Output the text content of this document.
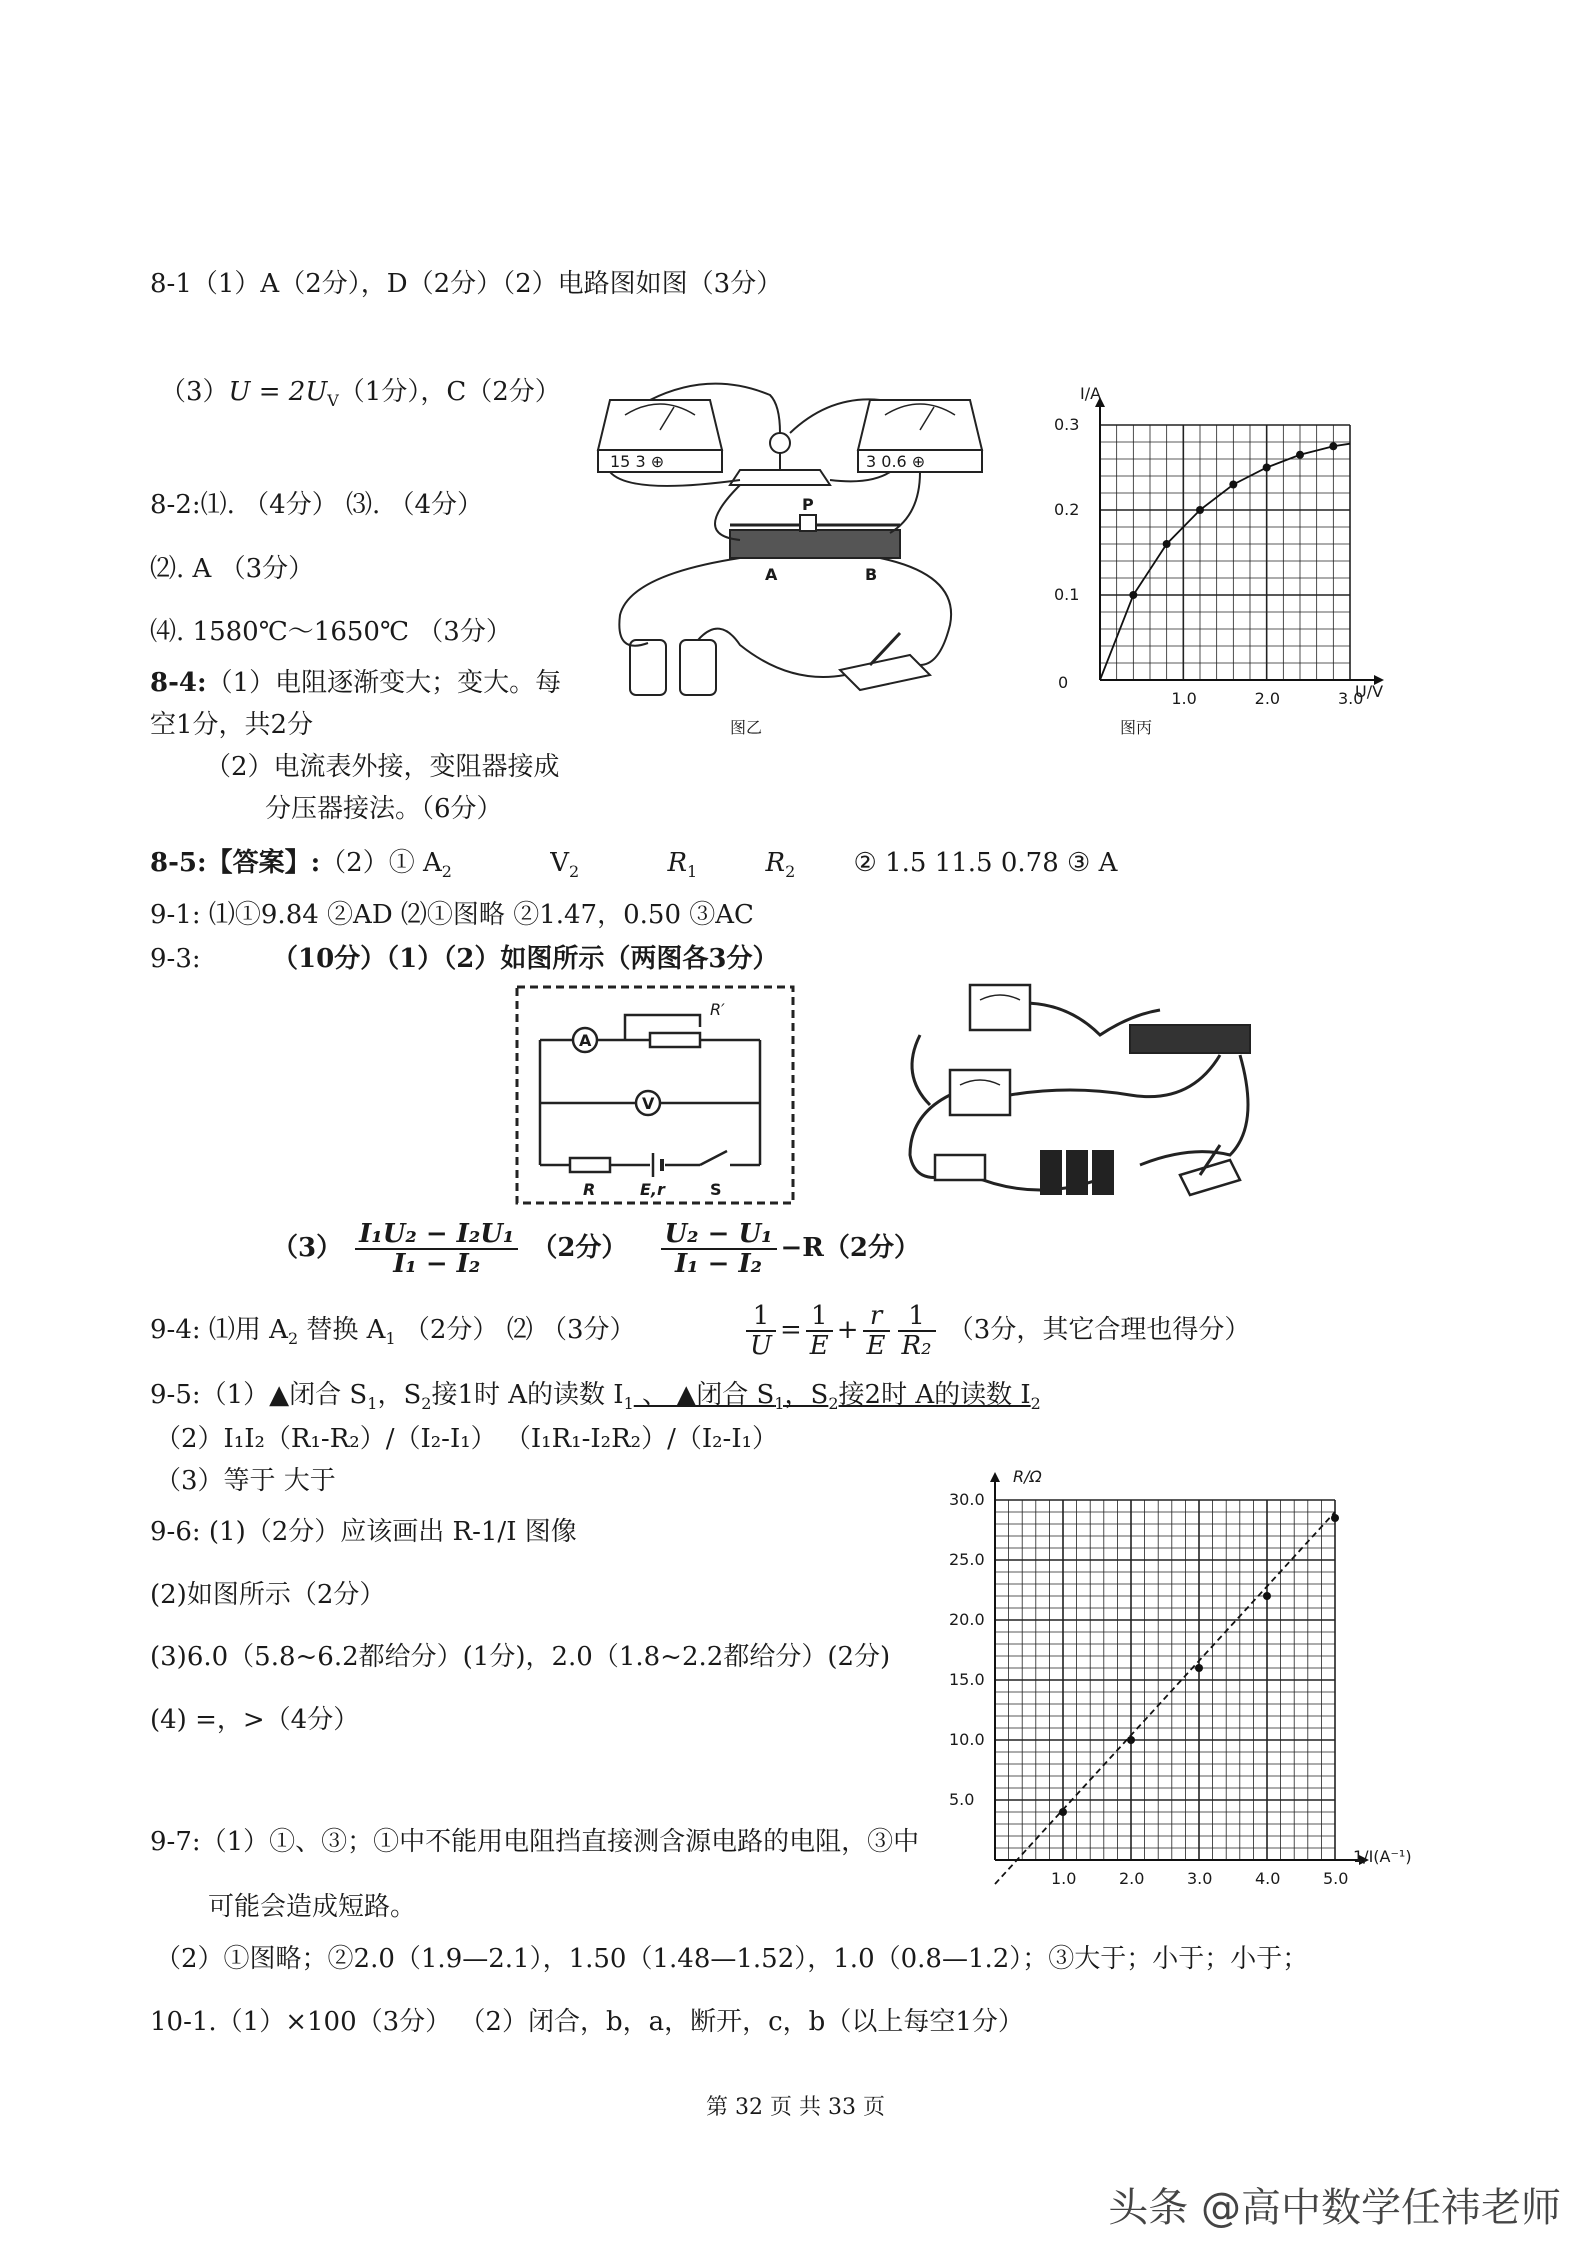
8-1（1）A（2分），D（2分）（2）电路图如图（3分）
$(3)U = 2U_V(1$分），C（2分）
8-2:⑴. （4分） ⑶. （4分）
⑵. A （3分）
⑷. 1580℃～1650℃ （3分）
8-4:（1）电阻逐渐变大；变大。每
空1分，共2分
（2）电流表外接，变阻器接成
分压器接法。（6分）
8-5:【答案】:（2）① $A_2$	$V_2$	$R_1$	$R_2$ ② 1.5 11.5 0.78 ③ A
9-1: ⑴①9.84 ②AD ⑵①图略 ②1.47，0.50 ③AC
9-3:	（10分）（1）（2）如图所示（两图各3分）
$(3) \frac{\text{I₁U₂ − I₂U₁}}{\text{I₁ − I₂}} (2$分） $\frac{\text{U₂ − U₁}}{\text{I₁ − I₂}} -R(2$分）
9-4: ⑴用 $A_2$ 替换 $A_1$ （2分） ⑵ （3分）	$\frac{1}{U} = \frac{1}{E} + \frac{r}{E} \frac{1}{\text{R₂}} (3$分，其它合理也得分）
9-5:（1）▲闭合 $S_1$，$S_2$接1时 A的读数 $I_1$ 、 ▲闭合 $S_1$，$S_2$接2时 A的读数 $I_2$
（2）I₁I₂（R₁-R₂）/（I₂-I₁） （I₁R₁-I₂R₂）/（I₂-I₁）
（3）等于 大于
9-6: (1)（2分）应该画出 R-1/I 图像
(2)如图所示（2分）
(3)6.0（5.8~6.2都给分）(1分)，2.0（1.8~2.2都给分）(2分)
(4) =，>（4分）
9-7:（1）①、③；①中不能用电阻挡直接测含源电路的电阻，③中
可能会造成短路。
（2）①图略；②2.0（1.9—2.1），1.50（1.48—1.52），1.0（0.8—1.2）；③大于；小于；小于；
10-1.（1）×100（3分） （2）闭合，b，a，断开，c，b（以上每空1分）
15 3 ⊕	3 0.6 ⊕
P
A	B
图乙
1.0	2.0	3.0
0.1
0.2
0.3
I/A
U/V
0
图丙
A
R′
V
R	E,r	S
1.0	2.0	3.0	4.0	5.0
5.0
10.0
15.0
20.0
25.0
30.0
R/Ω
1/I(A⁻¹)
第 32 页 共 33 页
头条 @高中数学任祎老师
